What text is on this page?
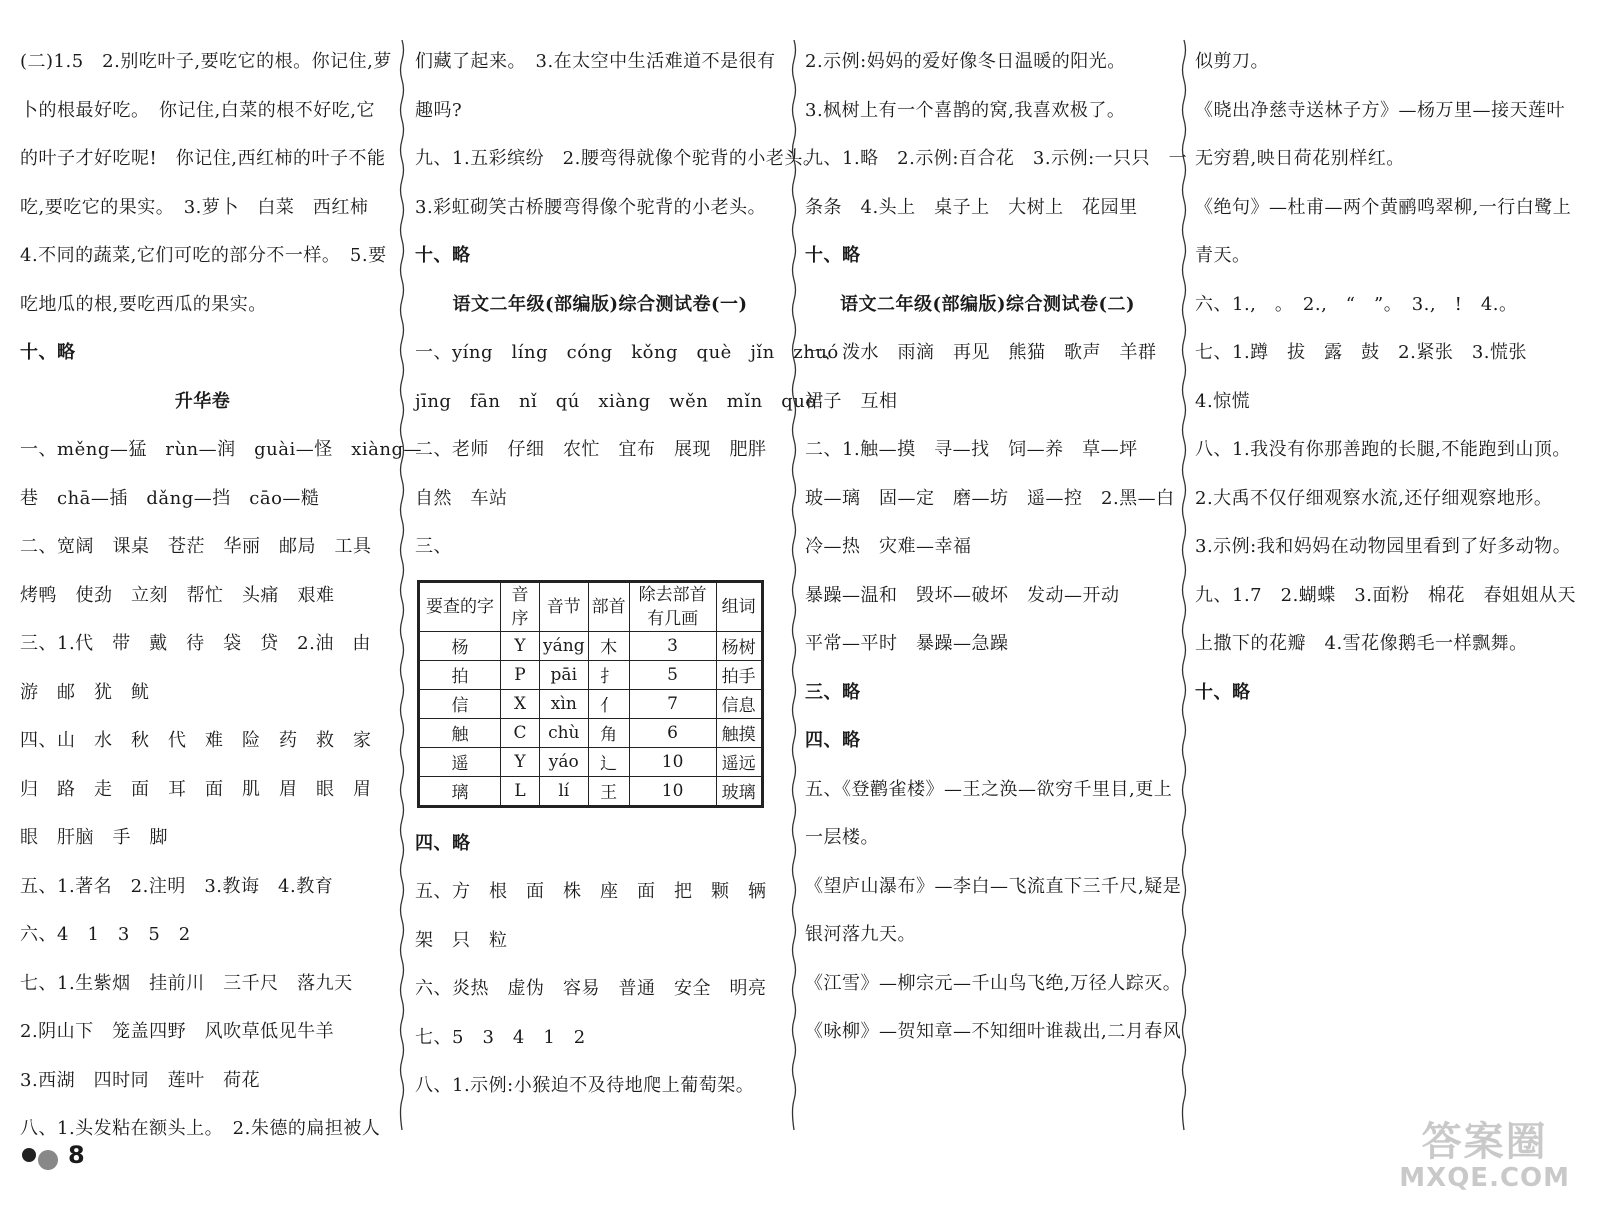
(二)1.5　2.别吃叶子,要吃它的根。你记住,萝
卜的根最好吃。　你记住,白菜的根不好吃,它
的叶子才好吃呢!　你记住,西红柿的叶子不能
吃,要吃它的果实。　3.萝卜　白菜　西红柿
4.不同的蔬菜,它们可吃的部分不一样。　5.要
吃地瓜的根,要吃西瓜的果实。
十、略
升华卷
一、měng—猛　rùn—润　guài—怪　xiàng—
巷　chā—插　dǎng—挡　cāo—糙
二、宽阔　课桌　苍茫　华丽　邮局　工具
烤鸭　使劲　立刻　帮忙　头痛　艰难
三、1.代　带　戴　待　袋　贷　2.油　由
游　邮　犹　鱿
四、山　水　秋　代　难　险　药　救　家
归　路　走　面　耳　面　肌　眉　眼　眉
眼　肝脑　手　脚
五、1.著名　2.注明　3.教诲　4.教育
六、4　1　3　5　2
七、1.生紫烟　挂前川　三千尺　落九天
2.阴山下　笼盖四野　风吹草低见牛羊
3.西湖　四时同　莲叶　荷花
八、1.头发粘在额头上。　2.朱德的扁担被人
们藏了起来。　3.在太空中生活难道不是很有
趣吗?
九、1.五彩缤纷　2.腰弯得就像个驼背的小老头。
3.彩虹砌笑古桥腰弯得像个驼背的小老头。
十、略
语文二年级(部编版)综合测试卷(一)
一、yíng　líng　cóng　kǒng　què　jǐn　zhuó
jīng　fān　nǐ　qú　xiàng　wěn　mǐn　què
二、老师　仔细　农忙　宜布　展现　肥胖
自然　车站
三、
要查的字	音序	音节	部首	除去部首有几画	组词
杨	Y	yáng	木	3	杨树
拍	P	pāi	扌	5	拍手
信	X	xìn	亻	7	信息
触	C	chù	角	6	触摸
遥	Y	yáo	辶	10	遥远
璃	L	lí	王	10	玻璃
四、略
五、方　根　面　株　座　面　把　颗　辆
架　只　粒
六、炎热　虚伪　容易　普通　安全　明亮
七、5　3　4　1　2
八、1.示例:小猴迫不及待地爬上葡萄架。
2.示例:妈妈的爱好像冬日温暖的阳光。
3.枫树上有一个喜鹊的窝,我喜欢极了。
九、1.略　2.示例:百合花　3.示例:一只只　一
条条　4.头上　桌子上　大树上　花园里
十、略
语文二年级(部编版)综合测试卷(二)
一、泼水　雨滴　再见　熊猫　歌声　羊群
裙子　互相
二、1.触—摸　寻—找　饲—养　草—坪
玻—璃　固—定　磨—坊　遥—控　2.黑—白
冷—热　灾难—幸福
暴躁—温和　毁坏—破坏　发动—开动
平常—平时　暴躁—急躁
三、略
四、略
五、《登鹳雀楼》—王之涣—欲穷千里目,更上
一层楼。
《望庐山瀑布》—李白—飞流直下三千尺,疑是
银河落九天。
《江雪》—柳宗元—千山鸟飞绝,万径人踪灭。
《咏柳》—贺知章—不知细叶谁裁出,二月春风
似剪刀。
《晓出净慈寺送林子方》—杨万里—接天莲叶
无穷碧,映日荷花别样红。
《绝句》—杜甫—两个黄鹂鸣翠柳,一行白鹭上
青天。
六、1.,　。　2.,　“　”。　3.,　!　4.。
七、1.蹲　拔　露　鼓　2.紧张　3.慌张
4.惊慌
八、1.我没有你那善跑的长腿,不能跑到山顶。
2.大禹不仅仔细观察水流,还仔细观察地形。
3.示例:我和妈妈在动物园里看到了好多动物。
九、1.7　2.蝴蝶　3.面粉　棉花　春姐姐从天
上撒下的花瓣　4.雪花像鹅毛一样飘舞。
十、略
8	答案圈
MXQE.COM
